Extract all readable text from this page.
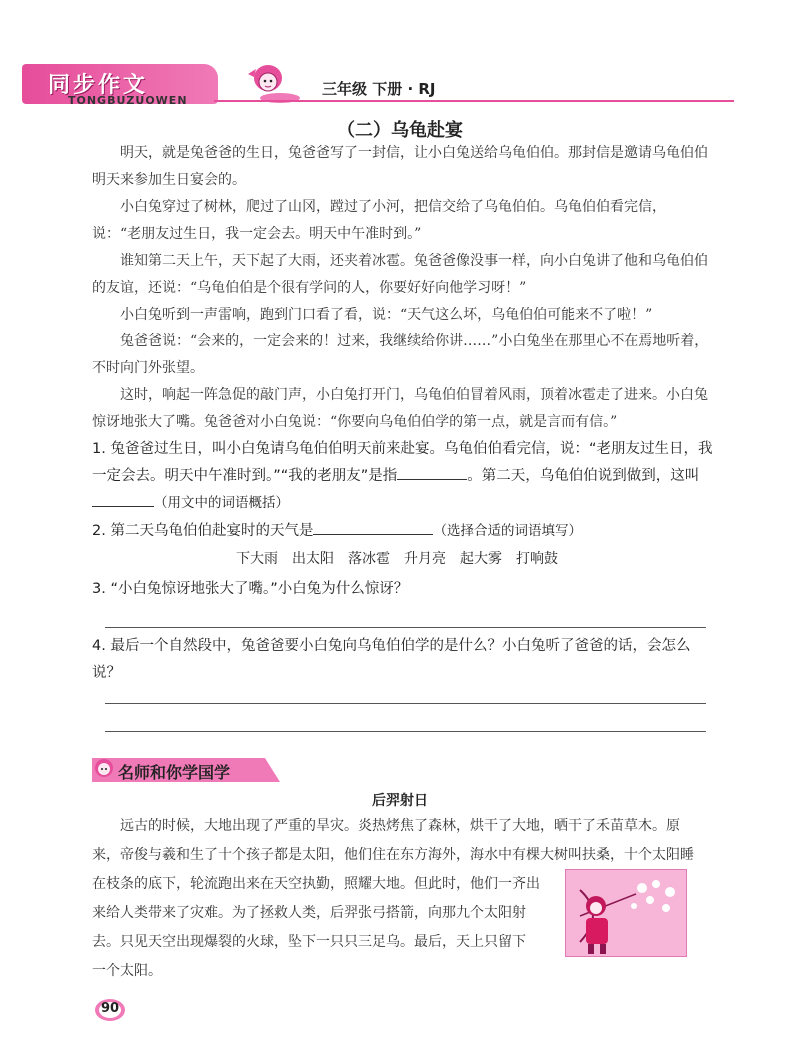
同步作文
TONGBUZUOWEN
三年级 下册 · RJ
（二）乌龟赴宴

明天，就是兔爸爸的生日，兔爸爸写了一封信，让小白兔送给乌龟伯伯。那封信是邀请乌龟伯伯明天来参加生日宴会的。

小白兔穿过了树林，爬过了山冈，蹚过了小河，把信交给了乌龟伯伯。乌龟伯伯看完信，说：“老朋友过生日，我一定会去。明天中午准时到。”

谁知第二天上午，天下起了大雨，还夹着冰雹。兔爸爸像没事一样，向小白兔讲了他和乌龟伯伯的友谊，还说：“乌龟伯伯是个很有学问的人，你要好好向他学习呀！”

小白兔听到一声雷响，跑到门口看了看，说：“天气这么坏，乌龟伯伯可能来不了啦！”

兔爸爸说：“会来的，一定会来的！过来，我继续给你讲……”小白兔坐在那里心不在焉地听着，不时向门外张望。

这时，响起一阵急促的敲门声，小白兔打开门，乌龟伯伯冒着风雨，顶着冰雹走了进来。小白兔惊讶地张大了嘴。兔爸爸对小白兔说：“你要向乌龟伯伯学的第一点，就是言而有信。”

1. 兔爸爸过生日，叫小白兔请乌龟伯伯明天前来赴宴。乌龟伯伯看完信，说：“老朋友过生日，我一定会去。明天中午准时到。”“我的老朋友”是指	。第二天，乌龟伯伯说到做到，这叫（用文中的词语概括）
2. 第二天乌龟伯伯赴宴时的天气是	（选择合适的词语填写）
下大雨　出太阳　落冰雹　升月亮　起大雾　打响鼓
3. “小白兔惊讶地张大了嘴。”小白兔为什么惊讶？
4. 最后一个自然段中，兔爸爸要小白兔向乌龟伯伯学的是什么？小白兔听了爸爸的话，会怎么说？
名师和你学国学
后羿射日

　　远古的时候，大地出现了严重的旱灾。炎热烤焦了森林，烘干了大地，晒干了禾苗草木。原

来，帝俊与羲和生了十个孩子都是太阳，他们住在东方海外，海水中有棵大树叫扶桑，十个太阳睡

在枝条的底下，轮流跑出来在天空执勤，照耀大地。但此时，他们一齐出

来给人类带来了灾难。为了拯救人类，后羿张弓搭箭，向那九个太阳射

去。只见天空出现爆裂的火球，坠下一只只三足乌。最后，天上只留下

一个太阳。

90
